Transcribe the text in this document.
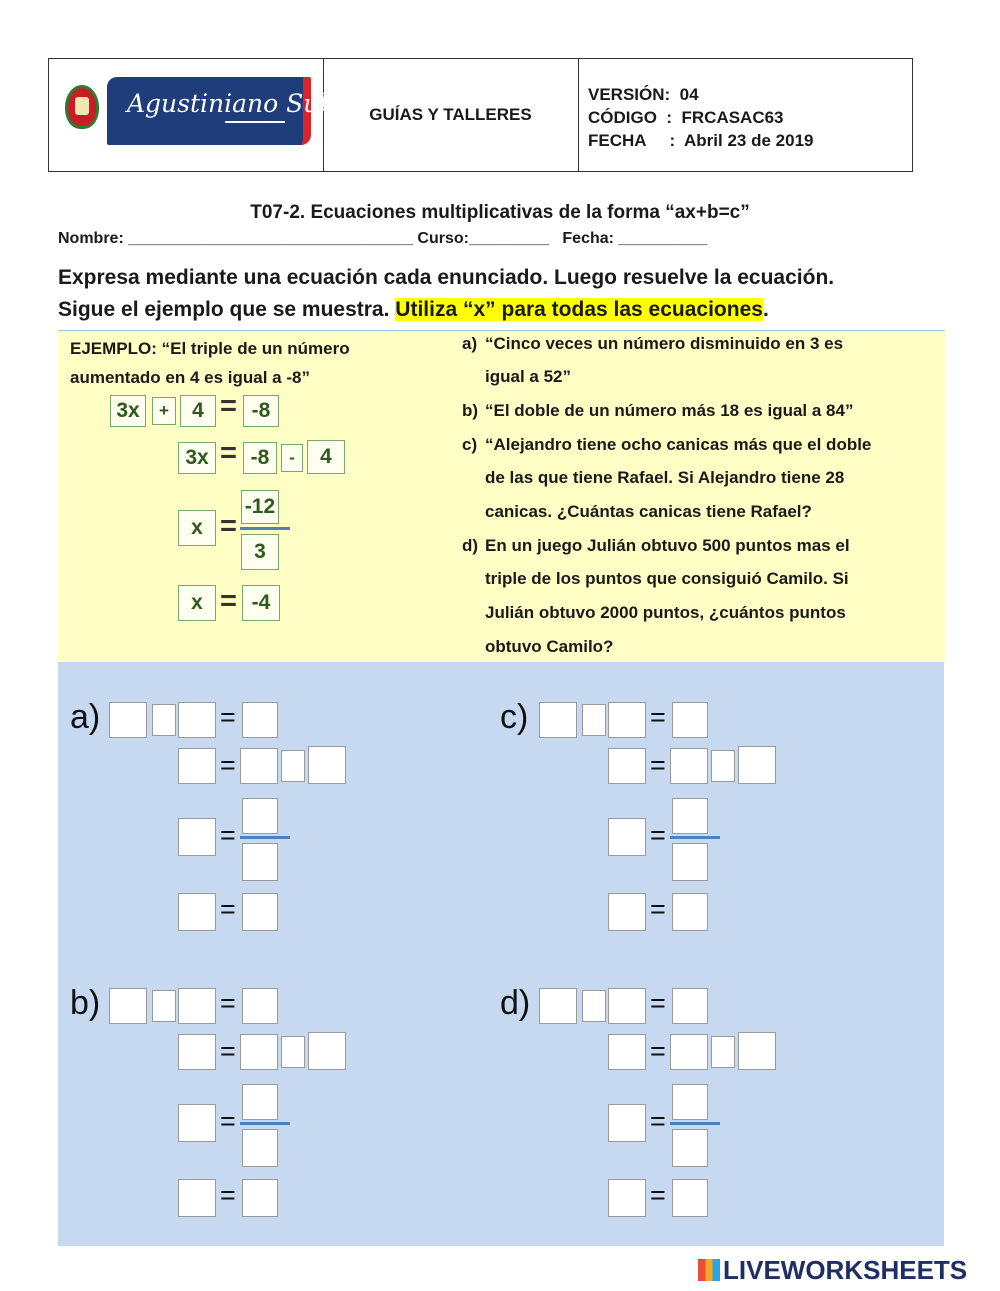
Agustiniano Suba	GUÍAS Y TALLERES
VERSIÓN:  04
CÓDIGO  :  FRCASAC63
FECHA     :  Abril 23 de 2019
T07-2. Ecuaciones multiplicativas de la forma “ax+b=c”
Nombre: ________________________________ Curso:_________   Fecha: __________
Expresa mediante una ecuación cada enunciado. Luego resuelve la ecuación.
Sigue el ejemplo que se muestra. Utiliza “x” para todas las ecuaciones.
EJEMPLO: “El triple de un número
aumentado en 4 es igual a -8”
3x	+	4 = -8
3x = -8	-	4
x =
-12
3
x = -4
a) “Cinco veces un número disminuido en 3 es
igual a 52”
b) “El doble de un número más 18 es igual a 84”
c) “Alejandro tiene ocho canicas más que el doble
de las que tiene Rafael. Si Alejandro tiene 28
canicas. ¿Cuántas canicas tiene Rafael?
d) En un juego Julián obtuvo 500 puntos mas el
triple de los puntos que consiguió Camilo. Si
Julián obtuvo 2000 puntos, ¿cuántos puntos
obtuvo Camilo?
a)	=
=
=
=
c)	=
=
=
=
b)	=
=
=
=
d)	=
=
=
=
LIVEWORKSHEETS
